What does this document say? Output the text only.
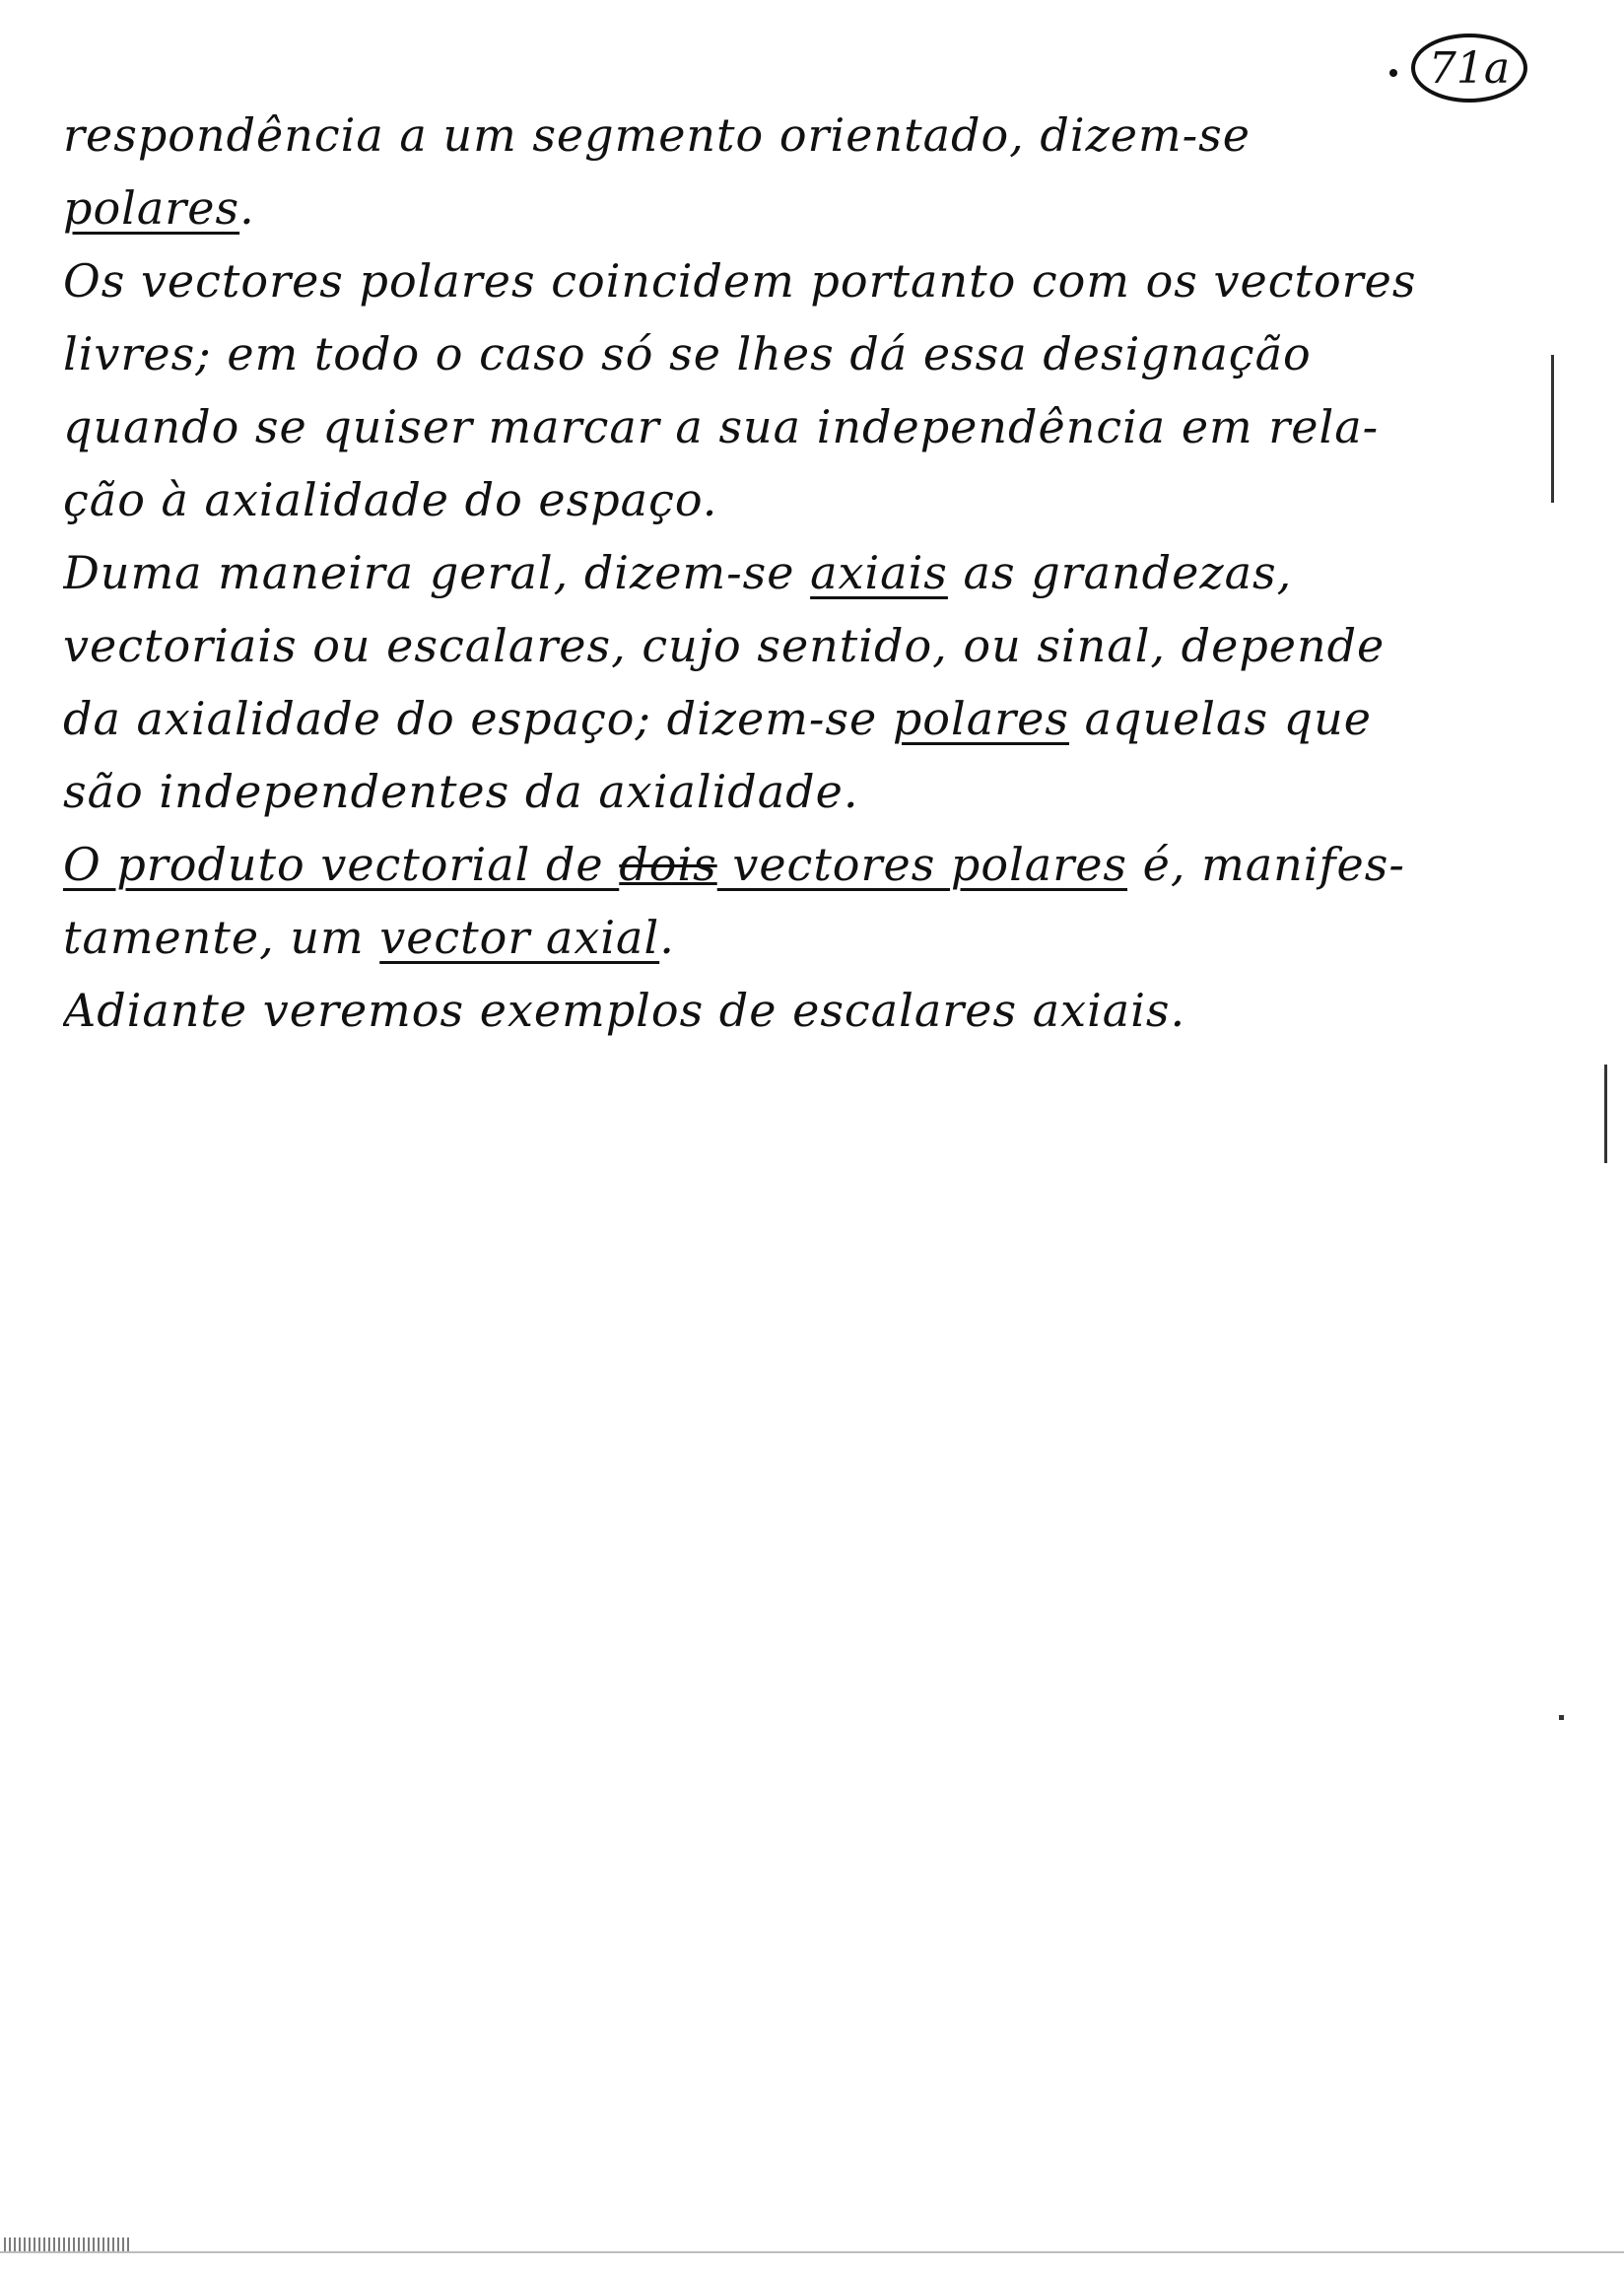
71a
respondência a um segmento orientado, dizem-se
polares.
Os vectores polares coincidem portanto com os vectores
livres; em todo o caso só se lhes dá essa designação
quando se quiser marcar a sua independência em rela-
ção à axialidade do espaço.
Duma maneira geral, dizem-se axiais as grandezas,
vectoriais ou escalares, cujo sentido, ou sinal, depende
da axialidade do espaço; dizem-se polares aquelas que
são independentes da axialidade.
O produto vectorial de dois vectores polares é, manifes-
tamente, um vector axial.
Adiante veremos exemplos de escalares axiais.
